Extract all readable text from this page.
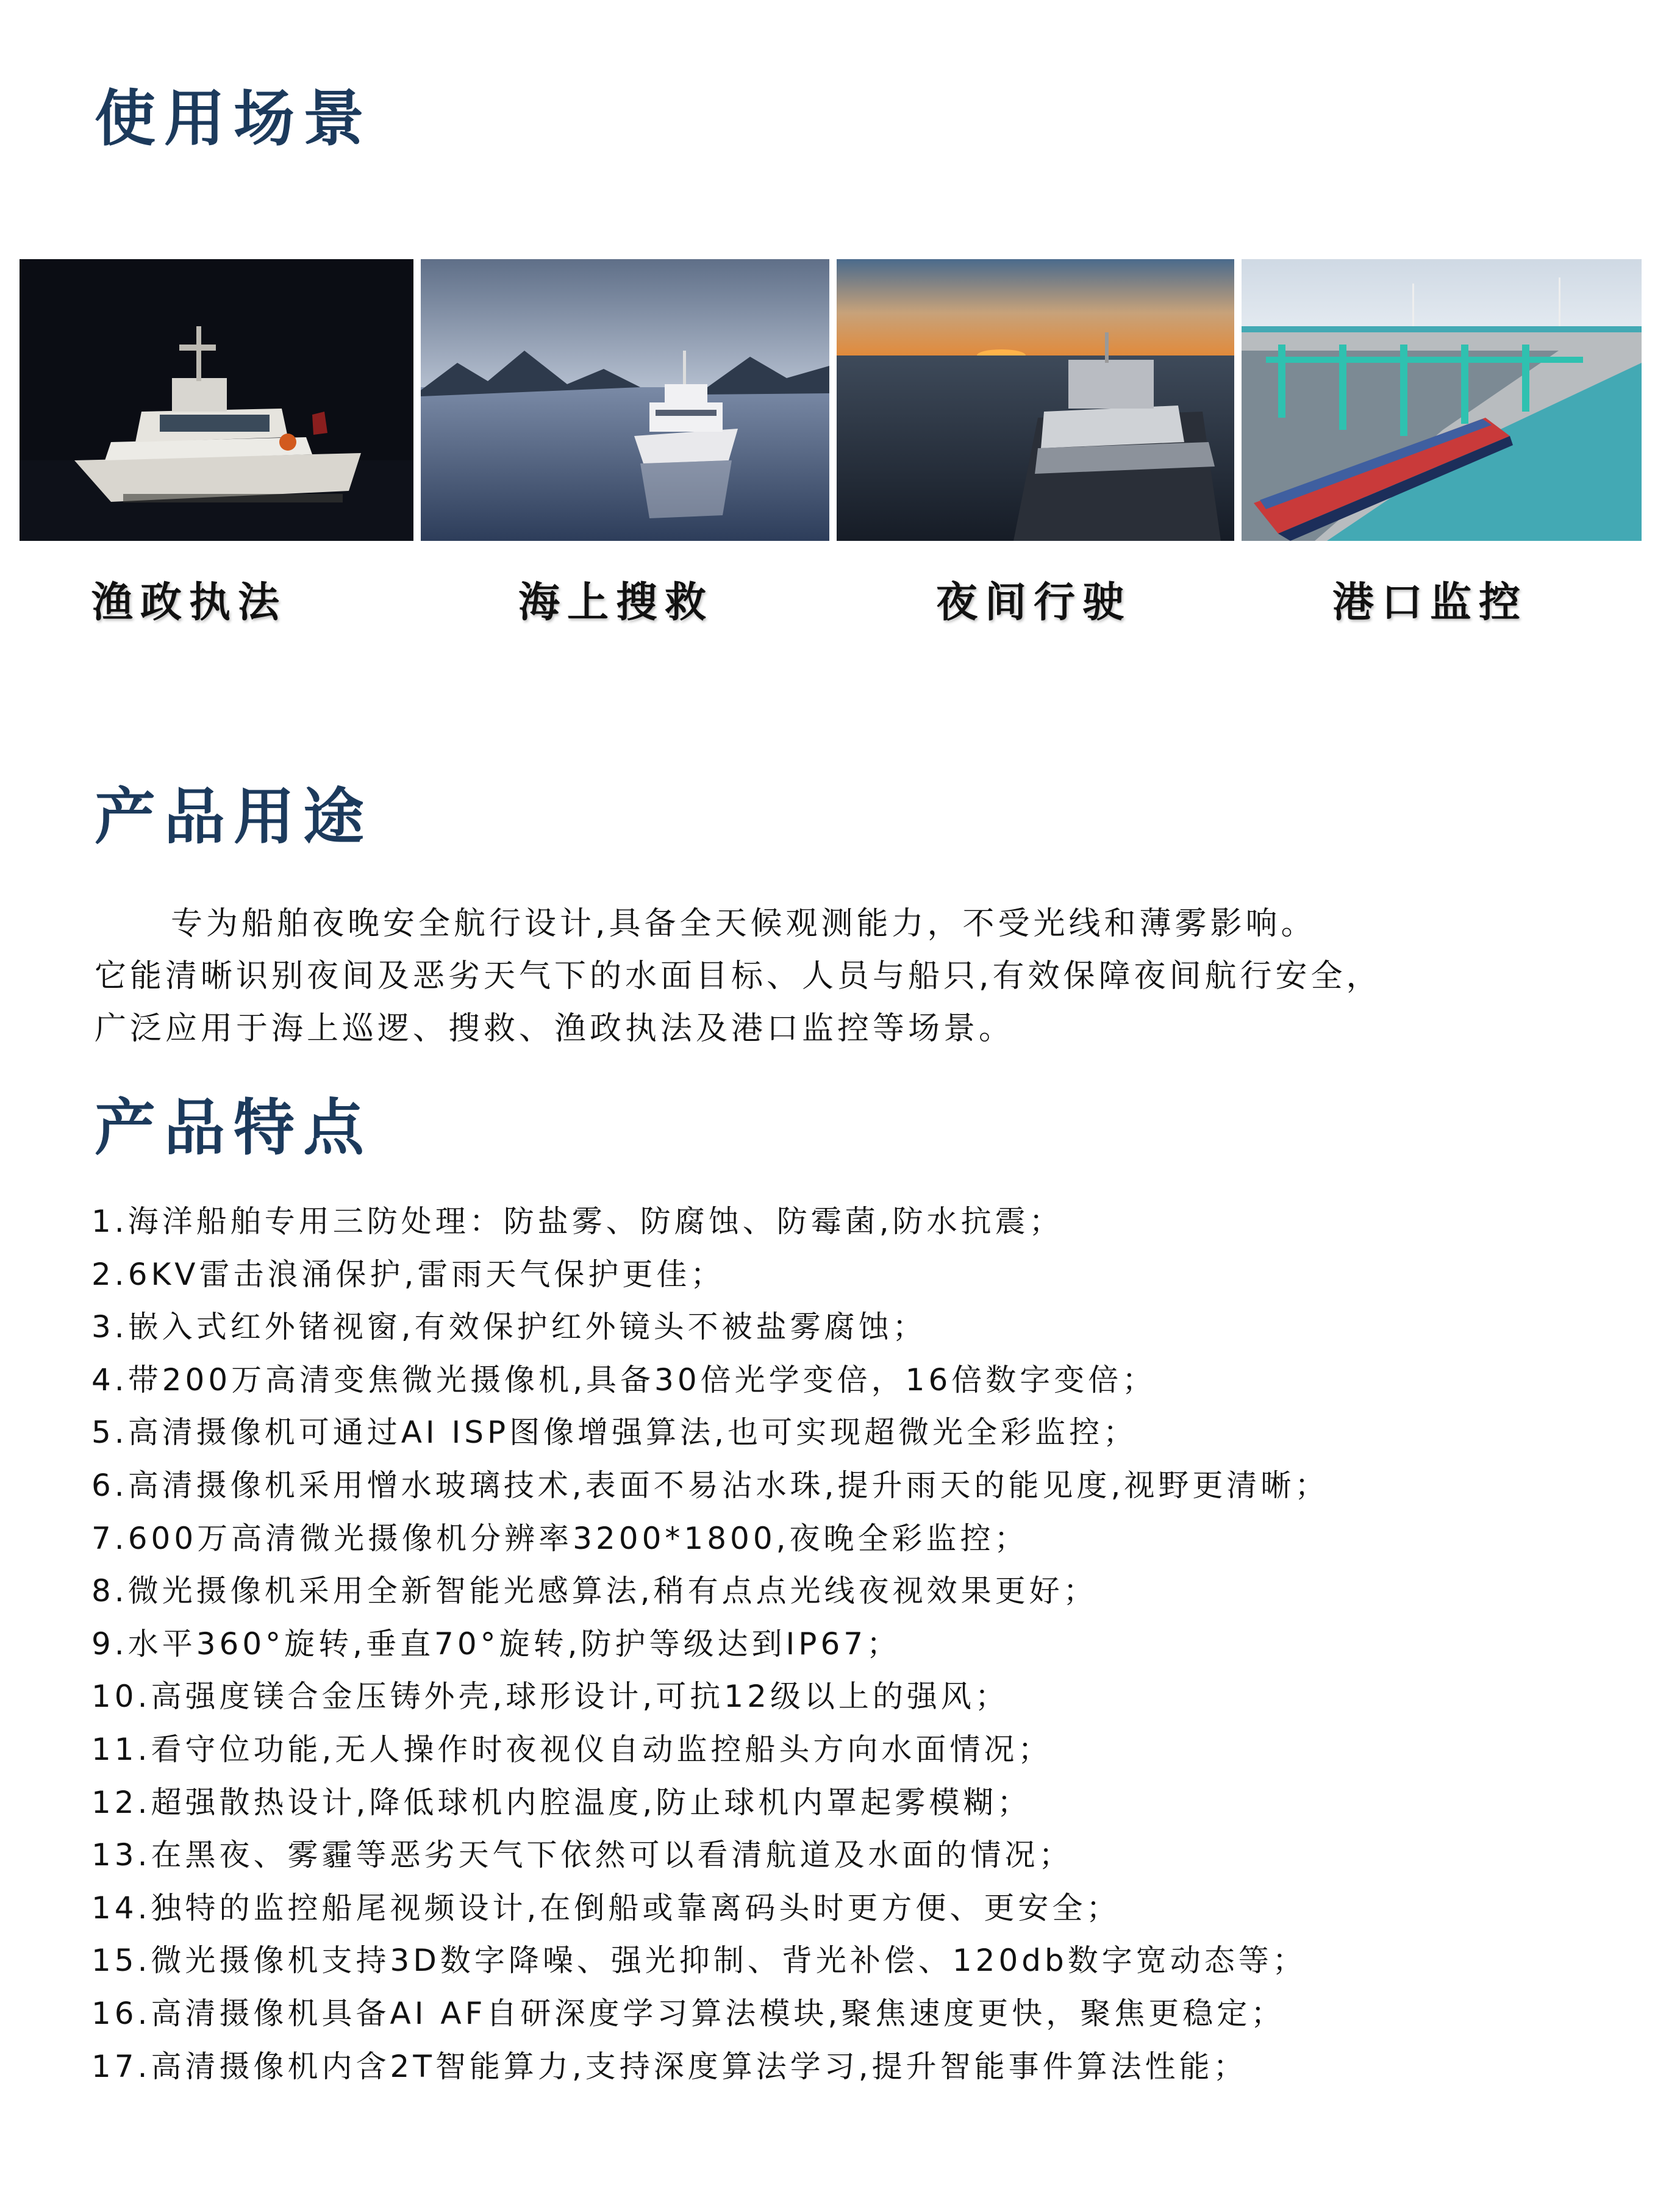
使用场景
渔政执法	海上搜救	夜间行驶	港口监控
产品用途

专为船舶夜晚安全航行设计,具备全天候观测能力，不受光线和薄雾影响。

它能清晰识别夜间及恶劣天气下的水面目标、人员与船只,有效保障夜间航行安全，

广泛应用于海上巡逻、搜救、渔政执法及港口监控等场景。

产品特点
1.海洋船舶专用三防处理：防盐雾、防腐蚀、防霉菌,防水抗震；
2.6KV雷击浪涌保护,雷雨天气保护更佳；
3.嵌入式红外锗视窗,有效保护红外镜头不被盐雾腐蚀；
4.带200万高清变焦微光摄像机,具备30倍光学变倍，16倍数字变倍；
5.高清摄像机可通过AI ISP图像增强算法,也可实现超微光全彩监控；
6.高清摄像机采用憎水玻璃技术,表面不易沾水珠,提升雨天的能见度,视野更清晰；
7.600万高清微光摄像机分辨率3200*1800,夜晚全彩监控；
8.微光摄像机采用全新智能光感算法,稍有点点光线夜视效果更好；
9.水平360°旋转,垂直70°旋转,防护等级达到IP67；
10.高强度镁合金压铸外壳,球形设计,可抗12级以上的强风；
11.看守位功能,无人操作时夜视仪自动监控船头方向水面情况；
12.超强散热设计,降低球机内腔温度,防止球机内罩起雾模糊；
13.在黑夜、雾霾等恶劣天气下依然可以看清航道及水面的情况；
14.独特的监控船尾视频设计,在倒船或靠离码头时更方便、更安全；
15.微光摄像机支持3D数字降噪、强光抑制、背光补偿、120db数字宽动态等；
16.高清摄像机具备AI AF自研深度学习算法模块,聚焦速度更快，聚焦更稳定；
17.高清摄像机内含2T智能算力,支持深度算法学习,提升智能事件算法性能；
